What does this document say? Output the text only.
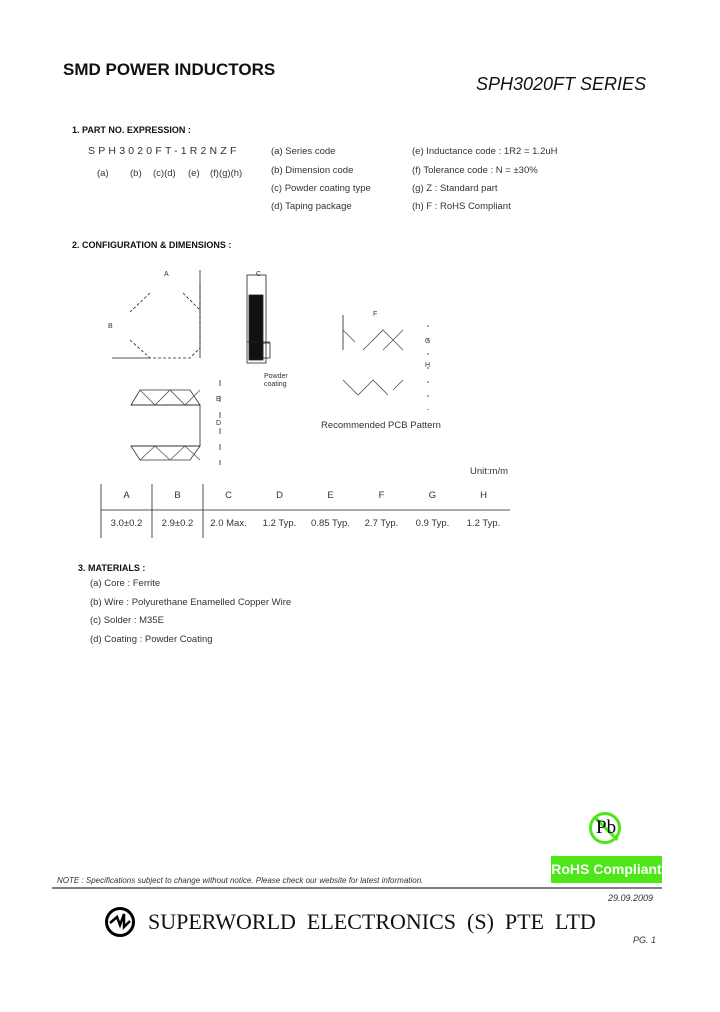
SMD POWER INDUCTORS
SPH3020FT SERIES
1. PART NO. EXPRESSION :
SPH3020FT-1R2NZF
(a) (b) (c)(d) (e) (f)(g)(h)
(a) Series code
(b) Dimension code
(c) Powder coating type
(d) Taping package
(e) Inductance code : 1R2 = 1.2uH
(f) Tolerance code : N = ±30%
(g) Z : Standard part
(h) F : RoHS Compliant
2. CONFIGURATION & DIMENSIONS :
A
B
C
E
D
F
G
H
Powder
coating
Recommended PCB Pattern
Unit:m/m
A	B	C	D	E	F	G	H
3.0±0.2	2.9±0.2	2.0 Max.	1.2 Typ.	0.85 Typ.	2.7 Typ.	0.9 Typ.	1.2 Typ.
3. MATERIALS :
(a) Core : Ferrite
(b) Wire : Polyurethane Enamelled Copper Wire
(c) Solder : M35E
(d) Coating : Powder Coating
Pb
RoHS Compliant
NOTE : Specifications subject to change without notice. Please check our website for latest information.
29.09.2009
SUPERWORLD  ELECTRONICS  (S)  PTE  LTD
PG. 1
